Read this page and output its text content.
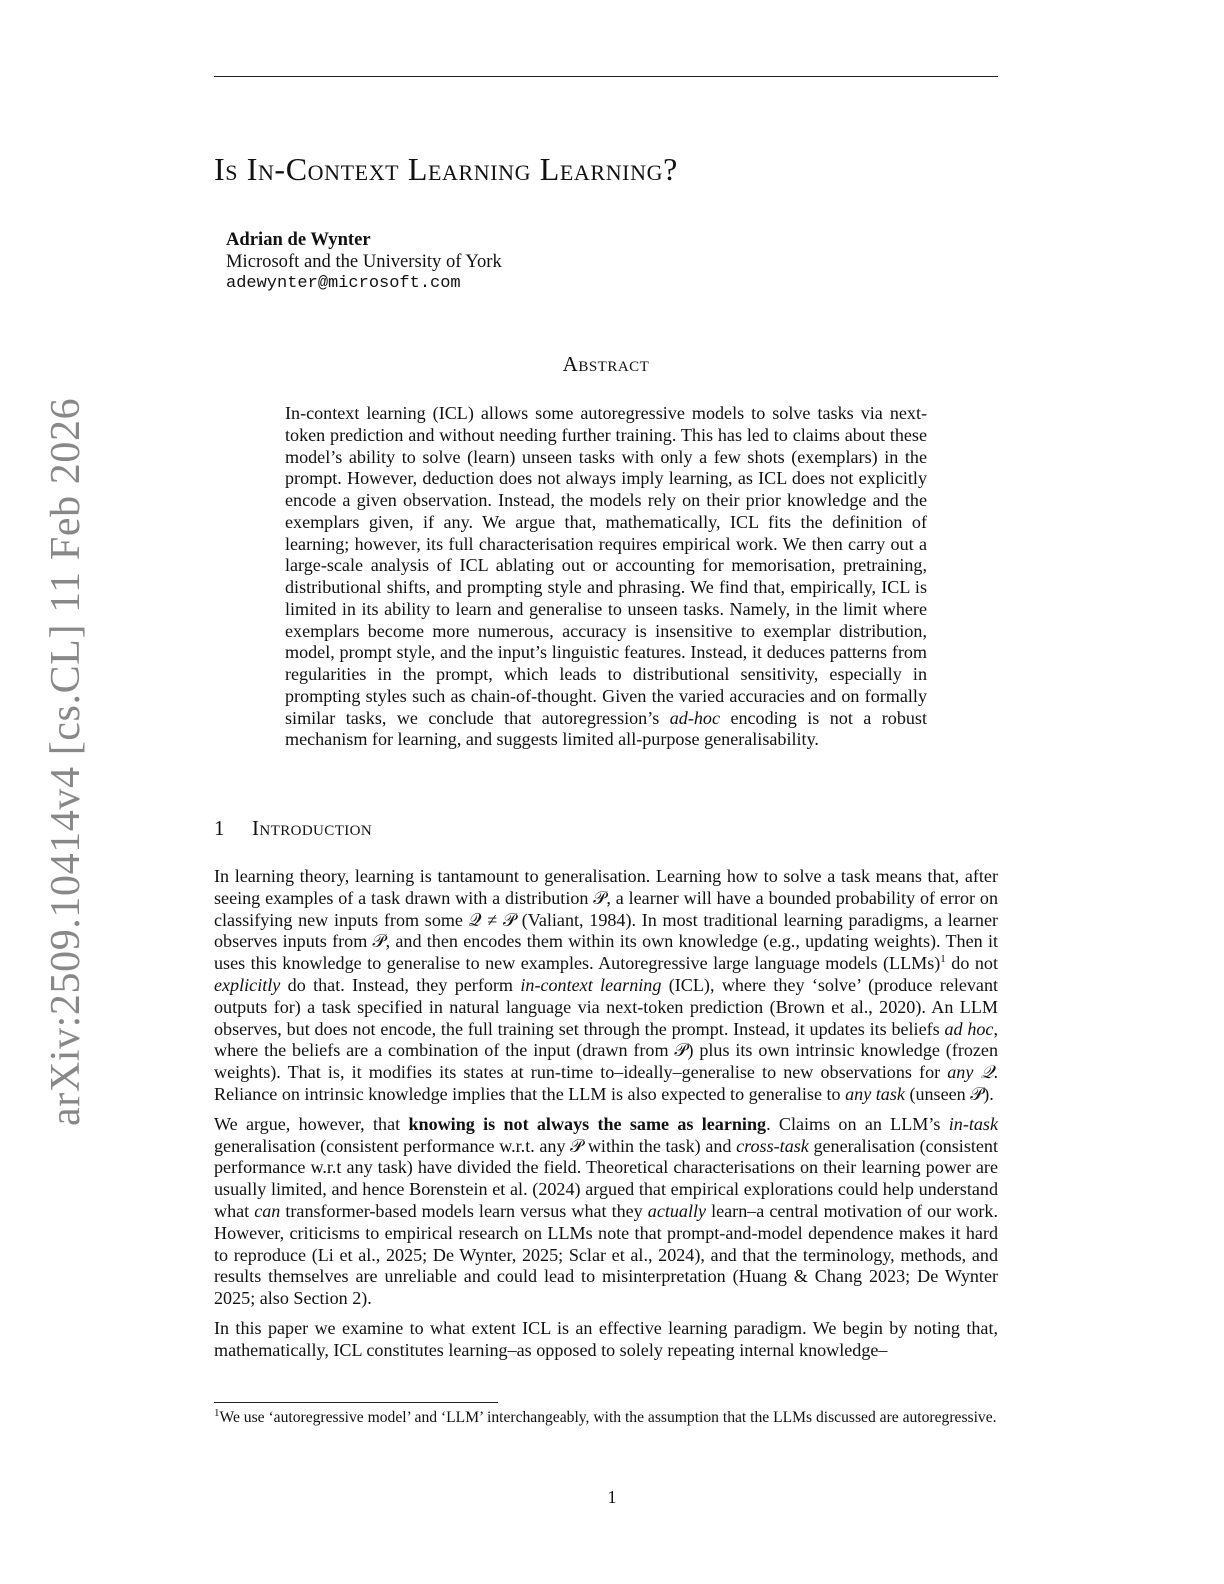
Is In-Context Learning Learning?
Adrian de Wynter
Microsoft and the University of York
adewynter@microsoft.com
Abstract

In-context learning (ICL) allows some autoregressive models to solve tasks via next-token prediction and without needing further training. This has led to claims about these model’s ability to solve (learn) unseen tasks with only a few shots (exemplars) in the prompt. However, deduction does not always imply learning, as ICL does not explicitly encode a given observation. Instead, the models rely on their prior knowledge and the exemplars given, if any. We argue that, mathematically, ICL fits the definition of learning; however, its full characterisation requires empirical work. We then carry out a large-scale analysis of ICL ablating out or accounting for memorisation, pretraining, distributional shifts, and prompting style and phrasing. We find that, empirically, ICL is limited in its ability to learn and generalise to unseen tasks. Namely, in the limit where exemplars become more numerous, accuracy is insensitive to exemplar distribution, model, prompt style, and the input’s linguistic features. Instead, it deduces patterns from regularities in the prompt, which leads to distributional sensitivity, especially in prompting styles such as chain-of-thought. Given the varied accuracies and on formally similar tasks, we conclude that autoregression’s ad-hoc encoding is not a robust mechanism for learning, and suggests limited all-purpose generalisability.

1 Introduction

In learning theory, learning is tantamount to generalisation. Learning how to solve a task means that, after seeing examples of a task drawn with a distribution 𝒫, a learner will have a bounded probability of error on classifying new inputs from some 𝒬 ≠ 𝒫 (Valiant, 1984). In most traditional learning paradigms, a learner observes inputs from 𝒫, and then encodes them within its own knowledge (e.g., updating weights). Then it uses this knowledge to generalise to new examples. Autoregressive large language models (LLMs)$^1$ do not explicitly do that. Instead, they perform in-context learning (ICL), where they ‘solve’ (produce relevant outputs for) a task specified in natural language via next-token prediction (Brown et al., 2020). An LLM observes, but does not encode, the full training set through the prompt. Instead, it updates its beliefs ad hoc, where the beliefs are a combination of the input (drawn from 𝒫) plus its own intrinsic knowledge (frozen weights). That is, it modifies its states at run-time to–ideally–generalise to new observations for any 𝒬. Reliance on intrinsic knowledge implies that the LLM is also expected to generalise to any task (unseen 𝒫).

We argue, however, that knowing is not always the same as learning. Claims on an LLM’s in-task generalisation (consistent performance w.r.t. any 𝒫 within the task) and cross-task generalisation (consistent performance w.r.t any task) have divided the field. Theoretical characterisations on their learning power are usually limited, and hence Borenstein et al. (2024) argued that empirical explorations could help understand what can transformer-based models learn versus what they actually learn–a central motivation of our work. However, criticisms to empirical research on LLMs note that prompt-and-model dependence makes it hard to reproduce (Li et al., 2025; De Wynter, 2025; Sclar et al., 2024), and that the terminology, methods, and results themselves are unreliable and could lead to misinterpretation (Huang & Chang 2023; De Wynter 2025; also Section 2).

In this paper we examine to what extent ICL is an effective learning paradigm. We begin by noting that, mathematically, ICL constitutes learning–as opposed to solely repeating internal knowledge–

$^1$We use ‘autoregressive model’ and ‘LLM’ interchangeably, with the assumption that the LLMs discussed are autoregressive.
1
arXiv:2509.10414v4 [cs.CL] 11 Feb 2026
